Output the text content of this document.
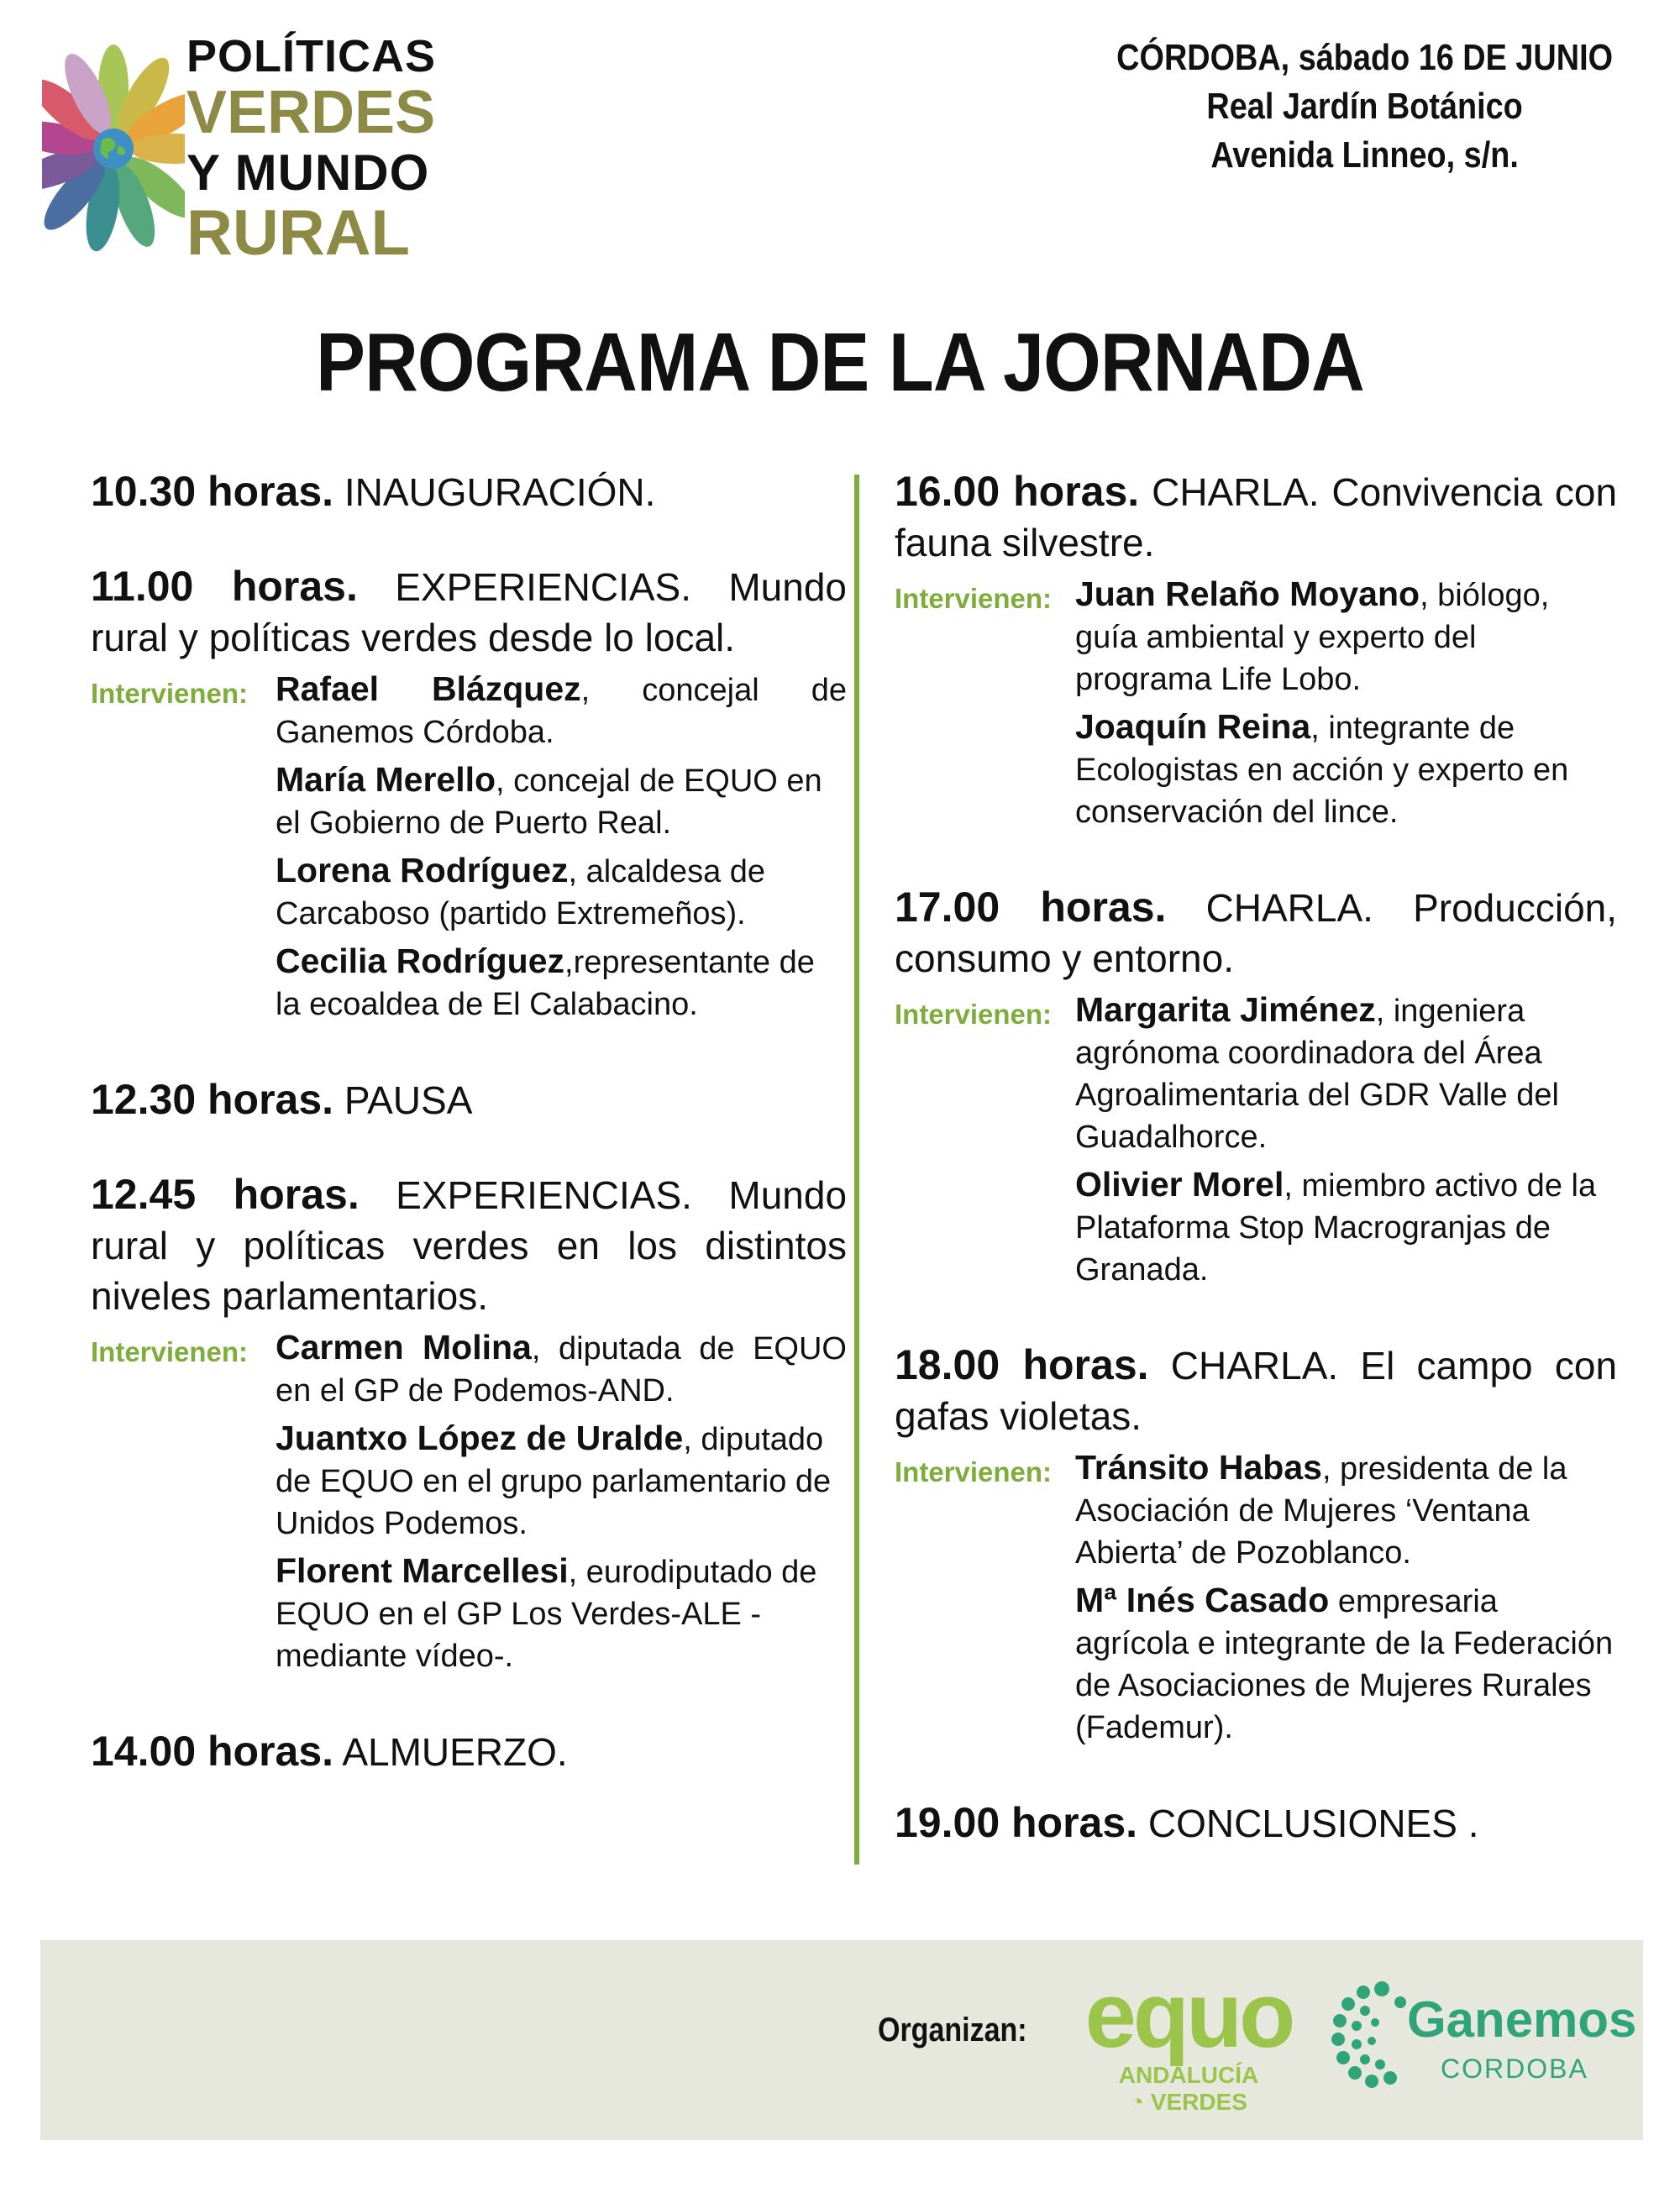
POLÍTICAS
VERDES
Y MUNDO
RURAL
CÓRDOBA, sábado 16 DE JUNIO
Real Jardín Botánico
Avenida Linneo, s/n.
PROGRAMA DE LA JORNADA
10.30 horas. INAUGURACIÓN.
11.00 horas. EXPERIENCIAS. Mundo rural y políticas verdes desde lo local.
Intervienen: Rafael Blázquez, concejal de Ganemos Córdoba.
María Merello, concejal de EQUO en el Gobierno de Puerto Real.
Lorena Rodríguez, alcaldesa de Carcaboso (partido Extremeños).
Cecilia Rodríguez,representante de la ecoaldea de El Calabacino.
12.30 horas. PAUSA
12.45 horas. EXPERIENCIAS. Mundo rural y políticas verdes en los distintos niveles parlamentarios.
Intervienen: Carmen Molina, diputada de EQUO en el GP de Podemos-AND.
Juantxo López de Uralde, diputado de EQUO en el grupo parlamentario de Unidos Podemos.
Florent Marcellesi, eurodiputado de EQUO en el GP Los Verdes-ALE -mediante vídeo-.
14.00 horas. ALMUERZO.
16.00 horas. CHARLA. Convivencia con fauna silvestre.
Intervienen: Juan Relaño Moyano, biólogo, guía ambiental y experto del programa Life Lobo.
Joaquín Reina, integrante de Ecologistas en acción y experto en conservación del lince.
17.00 horas. CHARLA. Producción, consumo y entorno.
Intervienen: Margarita Jiménez, ingeniera agrónoma coordinadora del Área Agroalimentaria del GDR Valle del Guadalhorce.
Olivier Morel, miembro activo de la Plataforma Stop Macrogranjas de Granada.
18.00 horas. CHARLA. El campo con gafas violetas.
Intervienen: Tránsito Habas, presidenta de la Asociación de Mujeres ‘Ventana Abierta’ de Pozoblanco.
Mª Inés Casado empresaria agrícola e integrante de la Federación de Asociaciones de Mujeres Rurales (Fademur).
19.00 horas. CONCLUSIONES .
Organizan: equo
ANDALUCÍA
◔ VERDES
Ganemos
CORDOBA
